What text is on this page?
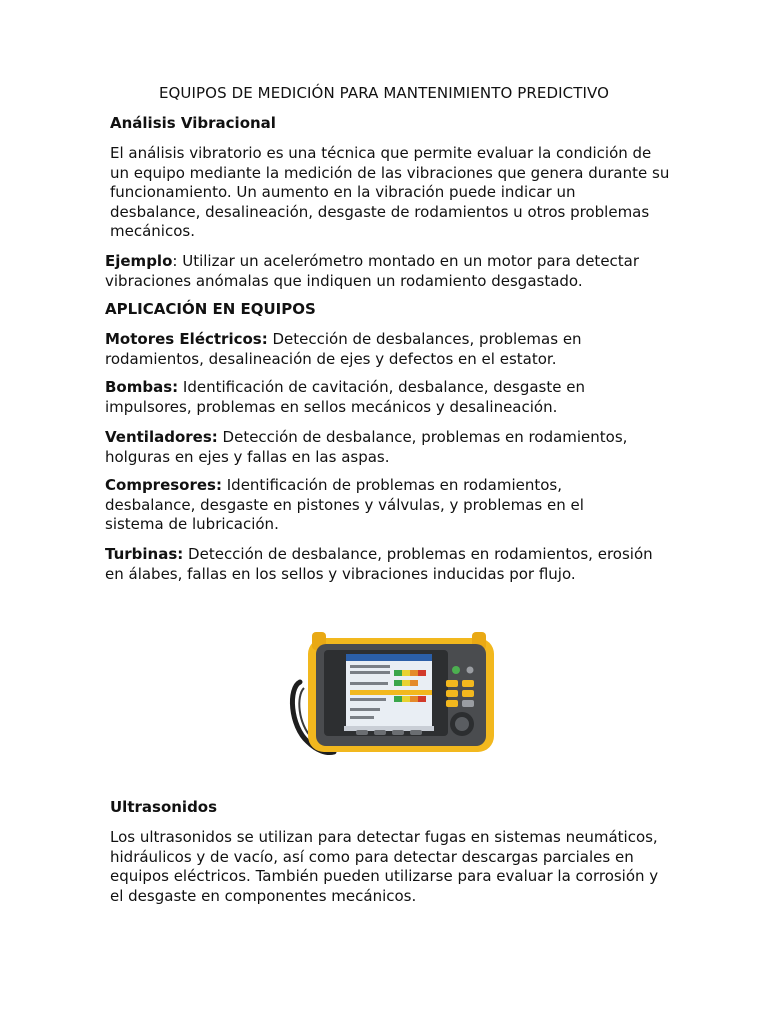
EQUIPOS DE MEDICIÓN PARA MANTENIMIENTO PREDICTIVO
Análisis Vibracional

El análisis vibratorio es una técnica que permite evaluar la condición de un equipo mediante la medición de las vibraciones que genera durante su funcionamiento. Un aumento en la vibración puede indicar un desbalance, desalineación, desgaste de rodamientos u otros problemas mecánicos.

Ejemplo: Utilizar un acelerómetro montado en un motor para detectar vibraciones anómalas que indiquen un rodamiento desgastado.

APLICACIÓN EN EQUIPOS

Motores Eléctricos: Detección de desbalances, problemas en rodamientos, desalineación de ejes y defectos en el estator.

Bombas: Identificación de cavitación, desbalance, desgaste en impulsores, problemas en sellos mecánicos y desalineación.

Ventiladores: Detección de desbalance, problemas en rodamientos, holguras en ejes y fallas en las aspas.

Compresores: Identificación de problemas en rodamientos, desbalance, desgaste en pistones y válvulas, y problemas en el sistema de lubricación.

Turbinas: Detección de desbalance, problemas en rodamientos, erosión en álabes, fallas en los sellos y vibraciones inducidas por flujo.

Ultrasonidos

Los ultrasonidos se utilizan para detectar fugas en sistemas neumáticos, hidráulicos y de vacío, así como para detectar descargas parciales en equipos eléctricos. También pueden utilizarse para evaluar la corrosión y el desgaste en componentes mecánicos.
